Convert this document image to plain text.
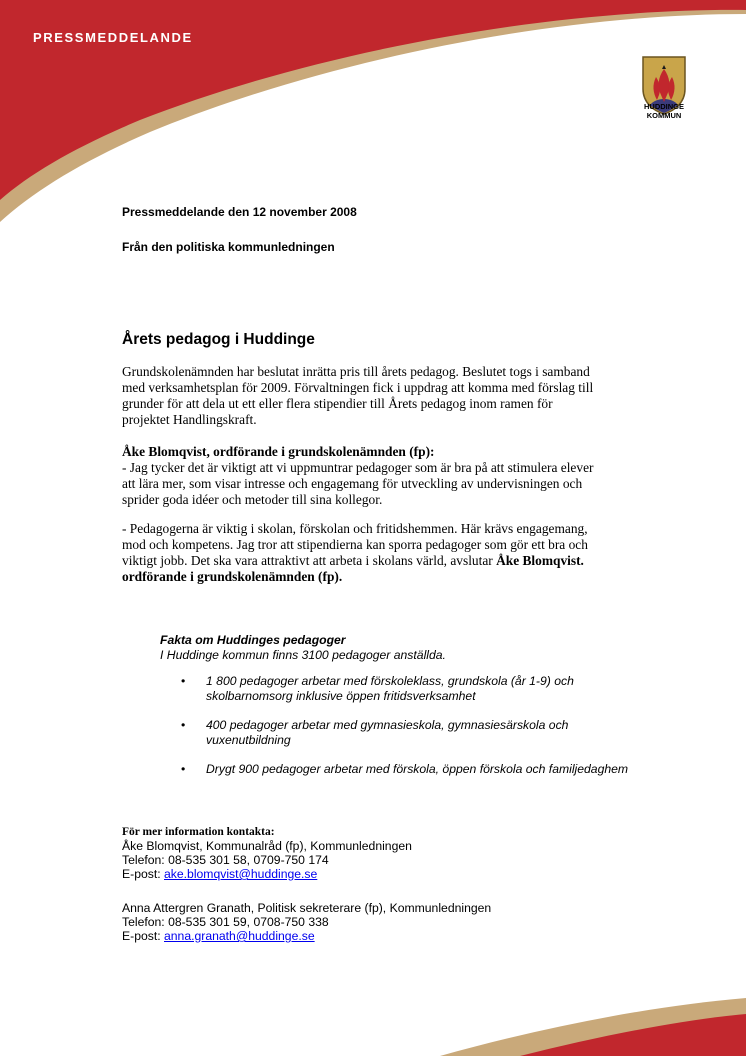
PRESSMEDDELANDE
HUDDINGE
KOMMUN
Pressmeddelande den 12 november 2008
Från den politiska kommunledningen
Årets pedagog i Huddinge

Grundskolenämnden har beslutat inrätta pris till årets pedagog. Beslutet togs i samband med verksamhetsplan för 2009. Förvaltningen fick i uppdrag att komma med förslag till grunder för att dela ut ett eller flera stipendier till Årets pedagog inom ramen för projektet Handlingskraft.

Åke Blomqvist, ordförande i grundskolenämnden (fp):

- Jag tycker det är viktigt att vi uppmuntrar pedagoger som är bra på att stimulera elever att lära mer, som visar intresse och engagemang för utveckling av undervisningen och sprider goda idéer och metoder till sina kollegor.

- Pedagogerna är viktig i skolan, förskolan och fritidshemmen. Här krävs engagemang, mod och kompetens. Jag tror att stipendierna kan sporra pedagoger som gör ett bra och viktigt jobb. Det ska vara attraktivt att arbeta i skolans värld, avslutar Åke Blomqvist. ordförande i grundskolenämnden (fp).

Fakta om Huddinges pedagoger
I Huddinge kommun finns 3100 pedagoger anställda.
• 1 800 pedagoger arbetar med förskoleklass, grundskola (år 1-9) och skolbarnomsorg inklusive öppen fritidsverksamhet
• 400 pedagoger arbetar med gymnasieskola, gymnasiesärskola och vuxenutbildning
• Drygt 900 pedagoger arbetar med förskola, öppen förskola och familjedaghem
För mer information kontakta:
Åke Blomqvist, Kommunalråd (fp), Kommunledningen
Telefon: 08-535 301 58, 0709-750 174
E-post: ake.blomqvist@huddinge.se
Anna Attergren Granath, Politisk sekreterare (fp), Kommunledningen
Telefon: 08-535 301 59, 0708-750 338
E-post: anna.granath@huddinge.se
